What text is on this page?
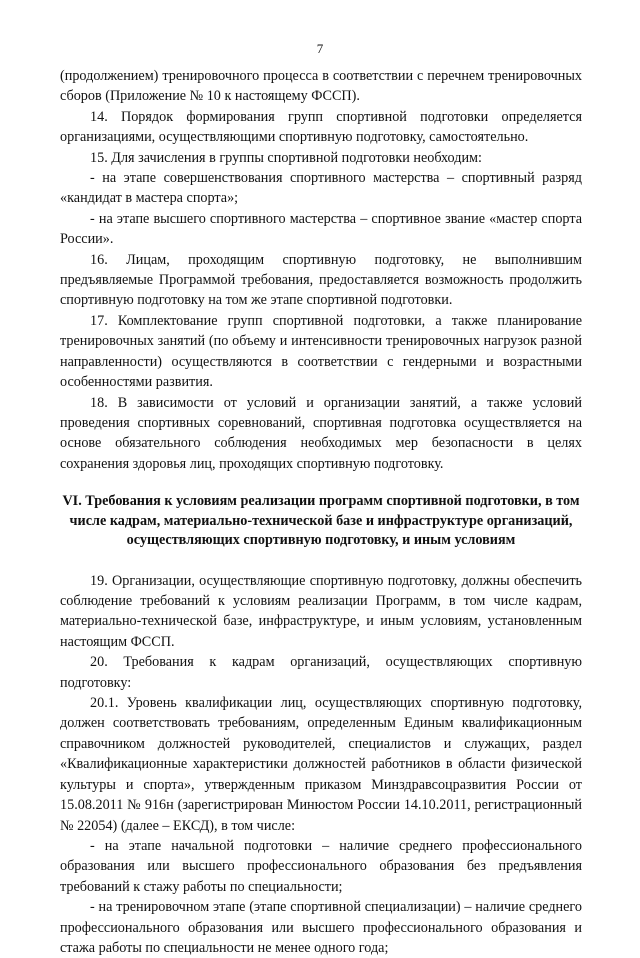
7

(продолжением) тренировочного процесса в соответствии с перечнем тренировочных сборов (Приложение № 10 к настоящему ФССП).

14. Порядок формирования групп спортивной подготовки определяется организациями, осуществляющими спортивную подготовку, самостоятельно.

15. Для зачисления в группы спортивной подготовки необходим:

- на этапе совершенствования спортивного мастерства – спортивный разряд «кандидат в мастера спорта»;

- на этапе высшего спортивного мастерства – спортивное звание «мастер спорта России».

16. Лицам, проходящим спортивную подготовку, не выполнившим предъявляемые Программой требования, предоставляется возможность продолжить спортивную подготовку на том же этапе спортивной подготовки.

17. Комплектование групп спортивной подготовки, а также планирование тренировочных занятий (по объему и интенсивности тренировочных нагрузок разной направленности) осуществляются в соответствии с гендерными и возрастными особенностями развития.

18. В зависимости от условий и организации занятий, а также условий проведения спортивных соревнований, спортивная подготовка осуществляется на основе обязательного соблюдения необходимых мер безопасности в целях сохранения здоровья лиц, проходящих спортивную подготовку.

VI. Требования к условиям реализации программ спортивной подготовки, в том числе кадрам, материально-технической базе и инфраструктуре организаций, осуществляющих спортивную подготовку, и иным условиям

19. Организации, осуществляющие спортивную подготовку, должны обеспечить соблюдение требований к условиям реализации Программ, в том числе кадрам, материально-технической базе, инфраструктуре, и иным условиям, установленным настоящим ФССП.

20. Требования к кадрам организаций, осуществляющих спортивную подготовку:

20.1. Уровень квалификации лиц, осуществляющих спортивную подготовку, должен соответствовать требованиям, определенным Единым квалификационным справочником должностей руководителей, специалистов и служащих, раздел «Квалификационные характеристики должностей работников в области физической культуры и спорта», утвержденным приказом Минздравсоцразвития России от 15.08.2011 № 916н (зарегистрирован Минюстом России 14.10.2011, регистрационный № 22054) (далее – ЕКСД), в том числе:

- на этапе начальной подготовки – наличие среднего профессионального образования или высшего профессионального образования без предъявления требований к стажу работы по специальности;

- на тренировочном этапе (этапе спортивной специализации) – наличие среднего профессионального образования или высшего профессионального образования и стажа работы по специальности не менее одного года;
